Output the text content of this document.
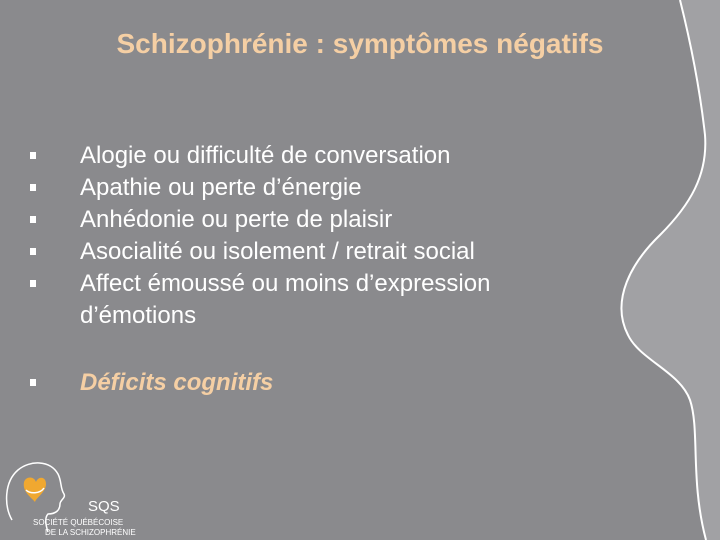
Schizophrénie : symptômes négatifs
Alogie ou difficulté de conversation
Apathie ou perte d’énergie
Anhédonie ou perte de plaisir
Asocialité ou isolement / retrait social
Affect émoussé ou moins d’expression
d’émotions
Déficits cognitifs
SQS
SOCIÉTÉ QUÉBÉCOISE
DE LA SCHIZOPHRÉNIE
